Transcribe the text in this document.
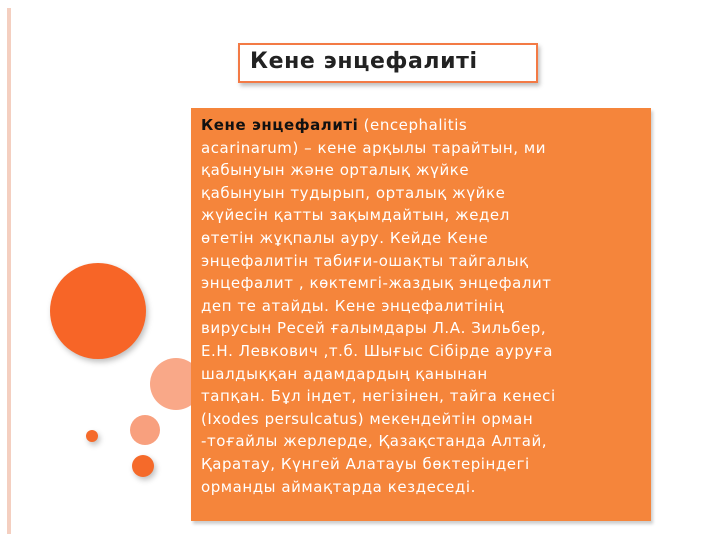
Кене энцефалиті
Кене энцефалиті (encephalitis
acarinarum) – кене арқылы тарайтын, ми
қабынуын және орталық жүйке
қабынуын тудырып, орталық жүйке
жүйесін қатты зақымдайтын, жедел
өтетін жұқпалы ауру. Кейде Кене
энцефалитін табиғи-ошақты тайгалық
энцефалит , көктемгі-жаздық энцефалит
деп те атайды. Кене энцефалитінің
вирусын Ресей ғалымдары Л.А. Зильбер,
Е.Н. Левкович ,т.б. Шығыс Сібірде ауруға
шалдыққан адамдардың қанынан
тапқан. Бұл індет, негізінен, тайга кенесі
(Ixodes persulcatus) мекендейтін орман
-тоғайлы жерлерде, Қазақстанда Алтай,
Қаратау, Күнгей Алатауы бөктеріндегі
орманды аймақтарда кездеседі.
